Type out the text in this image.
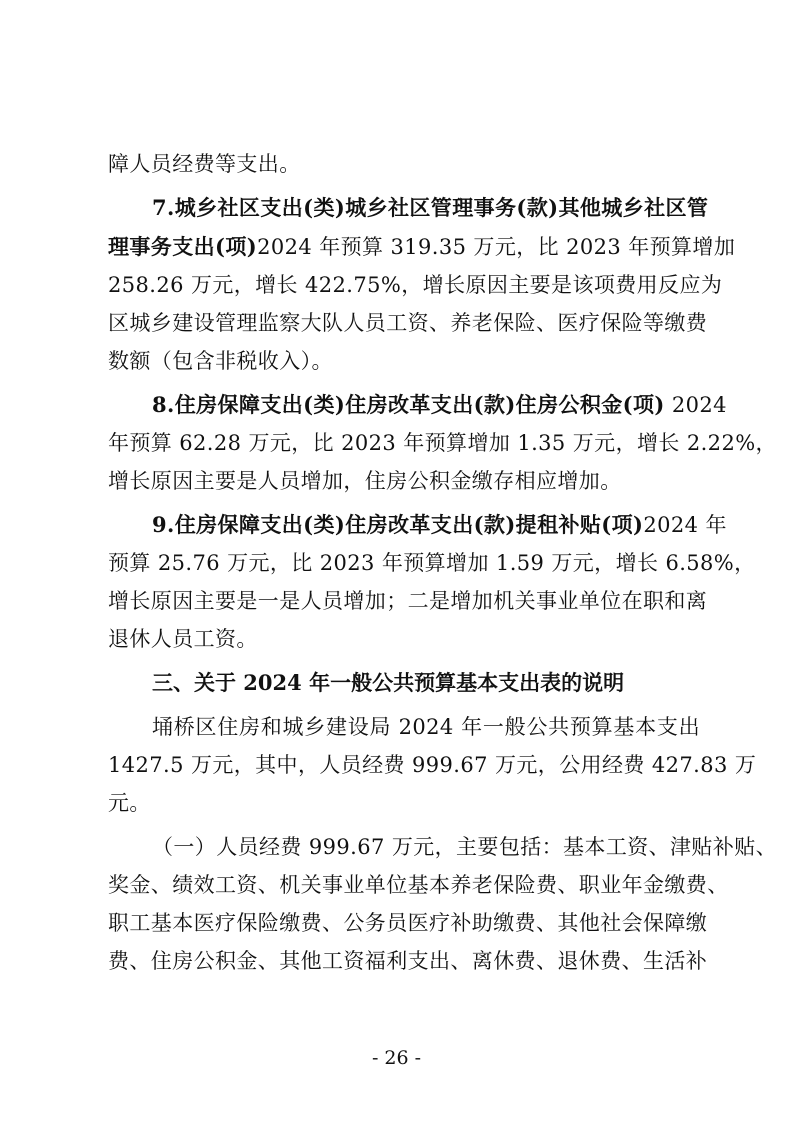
障人员经费等支出。
7.城乡社区支出(类)城乡社区管理事务(款)其他城乡社区管
理事务支出(项)2024 年预算 319.35 万元，比 2023 年预算增加
258.26 万元，增长 422.75%，增长原因主要是该项费用反应为
区城乡建设管理监察大队人员工资、养老保险、医疗保险等缴费
数额（包含非税收入）。
8.住房保障支出(类)住房改革支出(款)住房公积金(项) 2024
年预算 62.28 万元，比 2023 年预算增加 1.35 万元，增长 2.22%，
增长原因主要是人员增加，住房公积金缴存相应增加。
9.住房保障支出(类)住房改革支出(款)提租补贴(项)2024 年
预算 25.76 万元，比 2023 年预算增加 1.59 万元，增长 6.58%，
增长原因主要是一是人员增加；二是增加机关事业单位在职和离
退休人员工资。
三、关于 2024 年一般公共预算基本支出表的说明
埇桥区住房和城乡建设局 2024 年一般公共预算基本支出
1427.5 万元，其中，人员经费 999.67 万元，公用经费 427.83 万
元。
（一）人员经费 999.67 万元，主要包括：基本工资、津贴补贴、
奖金、绩效工资、机关事业单位基本养老保险费、职业年金缴费、
职工基本医疗保险缴费、公务员医疗补助缴费、其他社会保障缴
费、住房公积金、其他工资福利支出、离休费、退休费、生活补
- 26 -
